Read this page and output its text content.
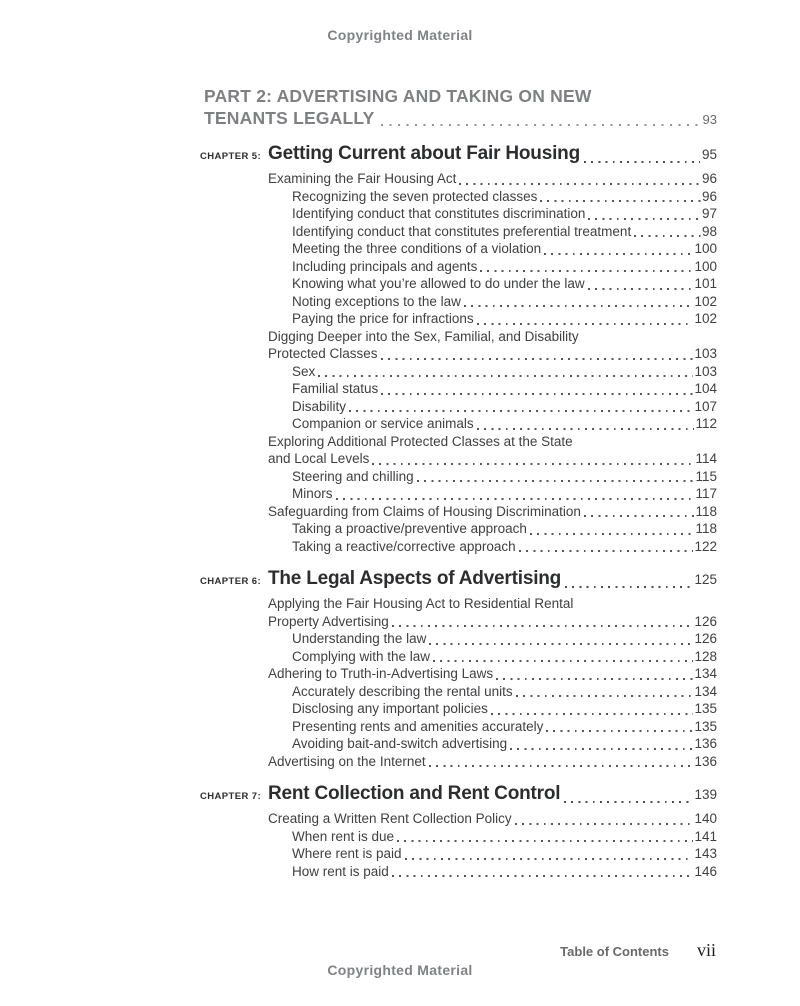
Copyrighted Material
PART 2: ADVERTISING AND TAKING ON NEW
TENANTS LEGALLY	93
CHAPTER 5: Getting Current about Fair Housing	95
Examining the Fair Housing Act	96
Recognizing the seven protected classes	96
Identifying conduct that constitutes discrimination	97
Identifying conduct that constitutes preferential treatment	98
Meeting the three conditions of a violation	100
Including principals and agents	100
Knowing what you’re allowed to do under the law	101
Noting exceptions to the law	102
Paying the price for infractions	102
Digging Deeper into the Sex, Familial, and Disability
Protected Classes	103
Sex	103
Familial status	104
Disability	107
Companion or service animals	112
Exploring Additional Protected Classes at the State
and Local Levels	114
Steering and chilling	115
Minors	117
Safeguarding from Claims of Housing Discrimination	118
Taking a proactive/preventive approach	118
Taking a reactive/corrective approach	122
CHAPTER 6: The Legal Aspects of Advertising	125
Applying the Fair Housing Act to Residential Rental
Property Advertising	126
Understanding the law	126
Complying with the law	128
Adhering to Truth-in-Advertising Laws	134
Accurately describing the rental units	134
Disclosing any important policies	135
Presenting rents and amenities accurately	135
Avoiding bait-and-switch advertising	136
Advertising on the Internet	136
CHAPTER 7: Rent Collection and Rent Control	139
Creating a Written Rent Collection Policy	140
When rent is due	141
Where rent is paid	143
How rent is paid	146
Table of Contents vii
Copyrighted Material
